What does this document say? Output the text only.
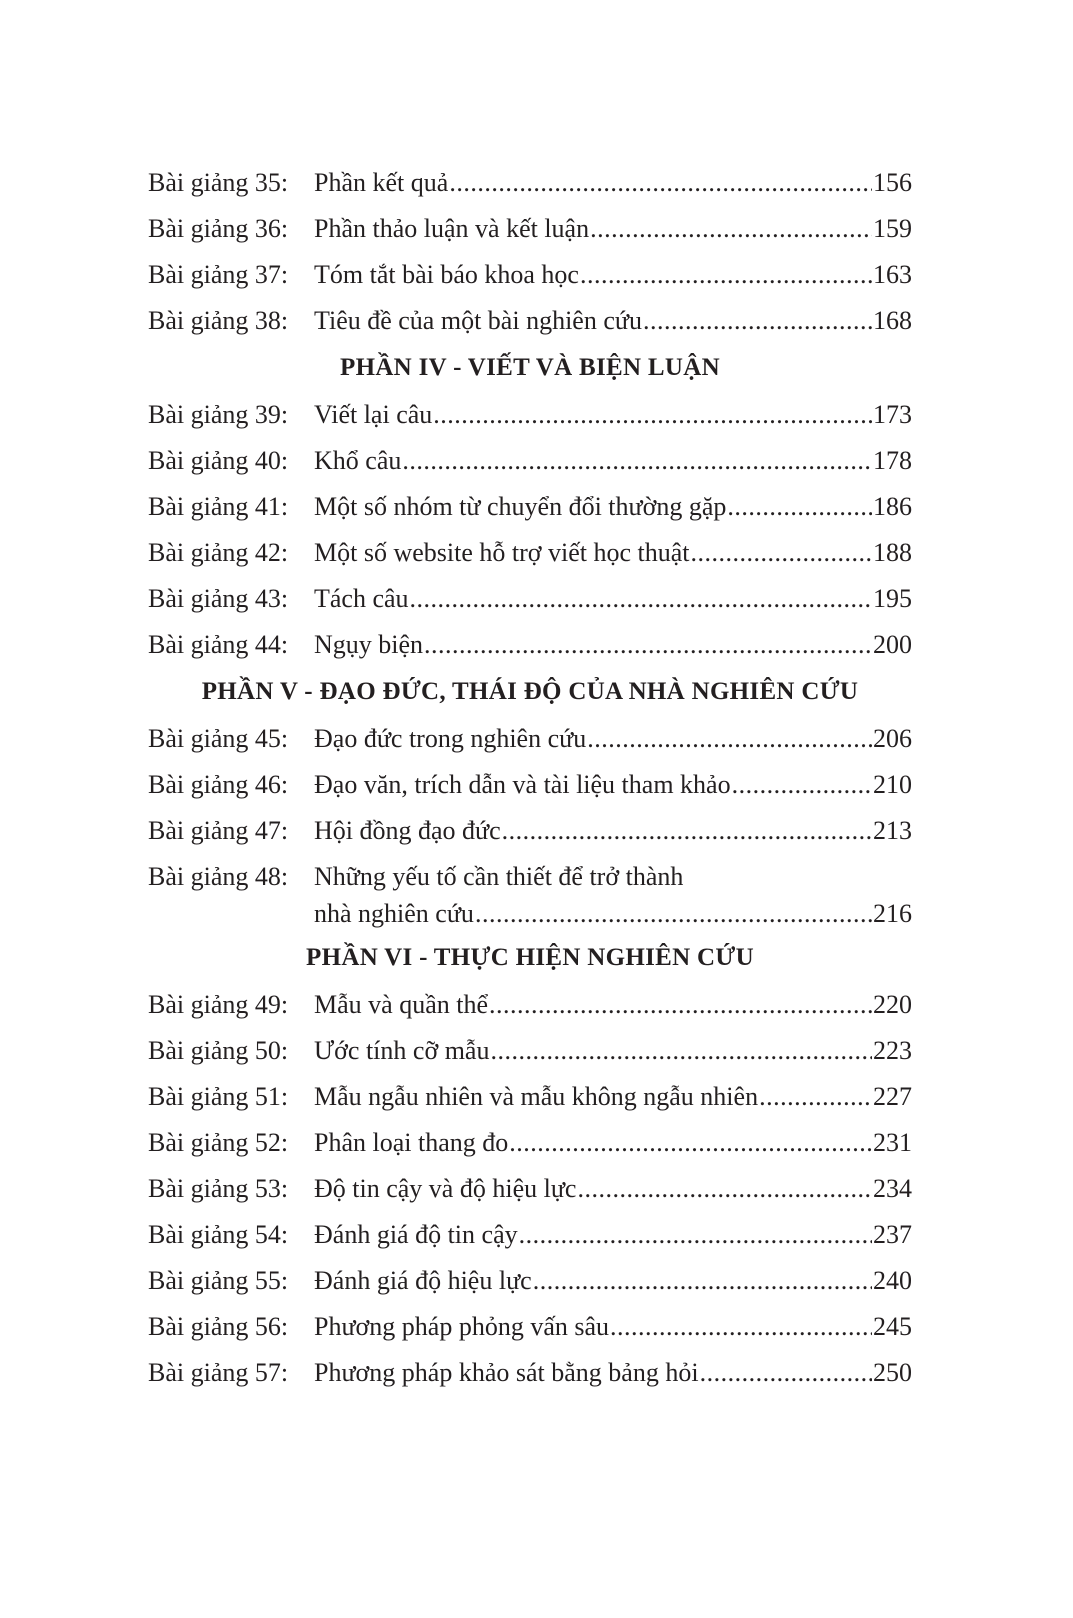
Bài giảng 35: Phần kết quả .....	156
Bài giảng 36: Phần thảo luận và kết luận .....	159
Bài giảng 37: Tóm tắt bài báo khoa học .....	163
Bài giảng 38: Tiêu đề của một bài nghiên cứu .....	168
PHẦN IV - VIẾT VÀ BIỆN LUẬN
Bài giảng 39: Viết lại câu .....	173
Bài giảng 40: Khổ câu .....	178
Bài giảng 41: Một số nhóm từ chuyển đổi thường gặp .....	186
Bài giảng 42: Một số website hỗ trợ viết học thuật .....	188
Bài giảng 43: Tách câu .....	195
Bài giảng 44: Ngụy biện .....	200
PHẦN V - ĐẠO ĐỨC, THÁI ĐỘ CỦA NHÀ NGHIÊN CỨU
Bài giảng 45: Đạo đức trong nghiên cứu .....	206
Bài giảng 46: Đạo văn, trích dẫn và tài liệu tham khảo .....	210
Bài giảng 47: Hội đồng đạo đức .....	213
Bài giảng 48: Những yếu tố cần thiết để trở thành
nhà nghiên cứu .....	216
PHẦN VI - THỰC HIỆN NGHIÊN CỨU
Bài giảng 49: Mẫu và quần thể .....	220
Bài giảng 50: Ước tính cỡ mẫu .....	223
Bài giảng 51: Mẫu ngẫu nhiên và mẫu không ngẫu nhiên .....	227
Bài giảng 52: Phân loại thang đo .....	231
Bài giảng 53: Độ tin cậy và độ hiệu lực .....	234
Bài giảng 54: Đánh giá độ tin cậy .....	237
Bài giảng 55: Đánh giá độ hiệu lực .....	240
Bài giảng 56: Phương pháp phỏng vấn sâu .....	245
Bài giảng 57: Phương pháp khảo sát bằng bảng hỏi .....	250
